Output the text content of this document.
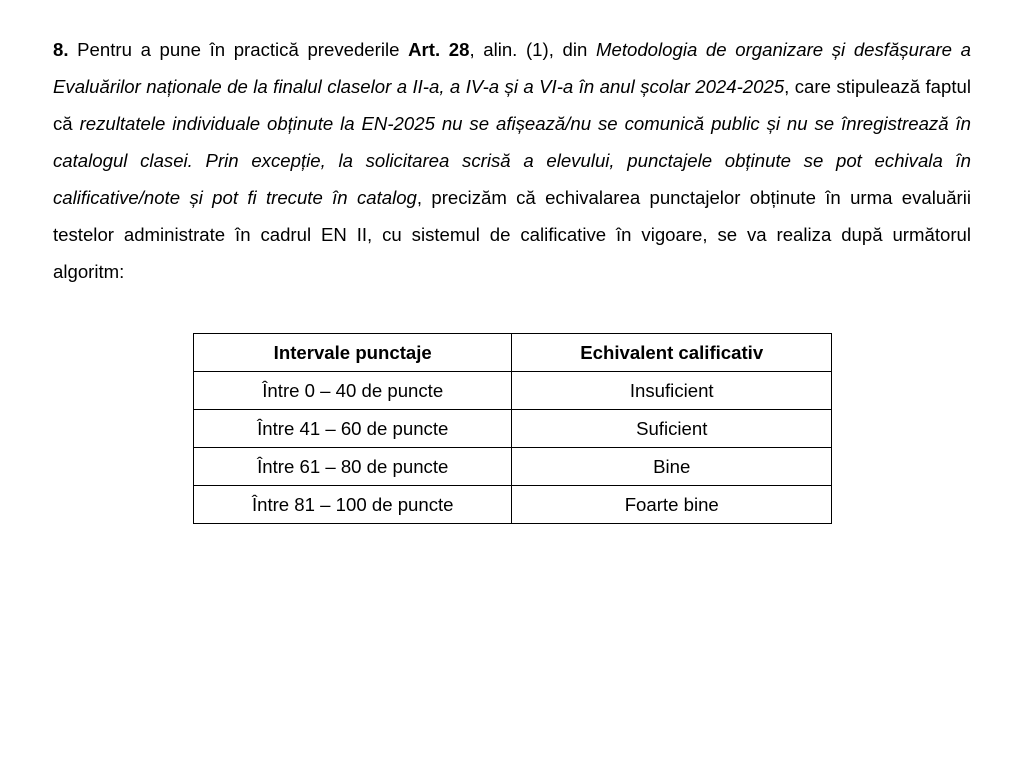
8. Pentru a pune în practică prevederile Art. 28, alin. (1), din Metodologia de organizare și desfășurare a Evaluărilor naționale de la finalul claselor a II-a, a IV-a și a VI-a în anul școlar 2024-2025, care stipulează faptul că rezultatele individuale obținute la EN-2025 nu se afișează/nu se comunică public și nu se înregistrează în catalogul clasei. Prin excepție, la solicitarea scrisă a elevului, punctajele obținute se pot echivala în calificative/note și pot fi trecute în catalog, precizăm că echivalarea punctajelor obținute în urma evaluării testelor administrate în cadrul EN II, cu sistemul de calificative în vigoare, se va realiza după următorul algoritm:

Intervale punctaje	Echivalent calificativ
Între 0 – 40 de puncte	Insuficient
Între 41 – 60 de puncte	Suficient
Între 61 – 80 de puncte	Bine
Între 81 – 100 de puncte	Foarte bine
